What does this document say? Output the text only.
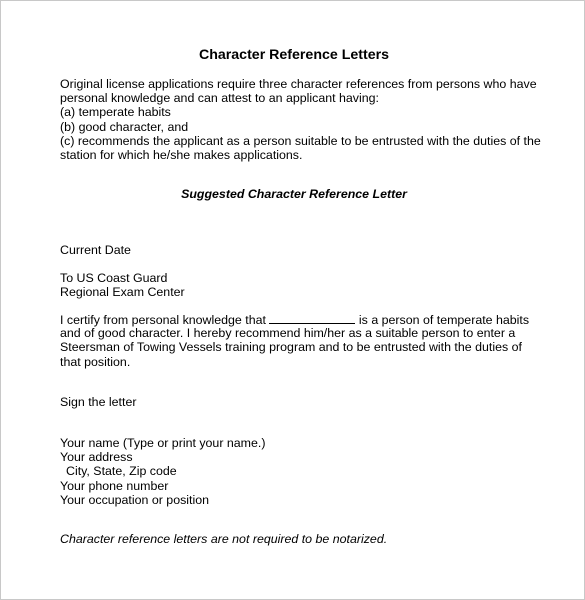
Character Reference Letters
Original license applications require three character references from persons who have
personal knowledge and can attest to an applicant having:
(a) temperate habits
(b) good character, and
(c) recommends the applicant as a person suitable to be entrusted with the duties of the
station for which he/she makes applications.
Suggested Character Reference Letter
Current Date
To US Coast Guard
Regional Exam Center
I certify from personal knowledge that	is a person of temperate habits
and of good character. I hereby recommend him/her as a suitable person to enter a
Steersman of Towing Vessels training program and to be entrusted with the duties of
that position.
Sign the letter
Your name (Type or print your name.)
Your address
City, State, Zip code
Your phone number
Your occupation or position
Character reference letters are not required to be notarized.
